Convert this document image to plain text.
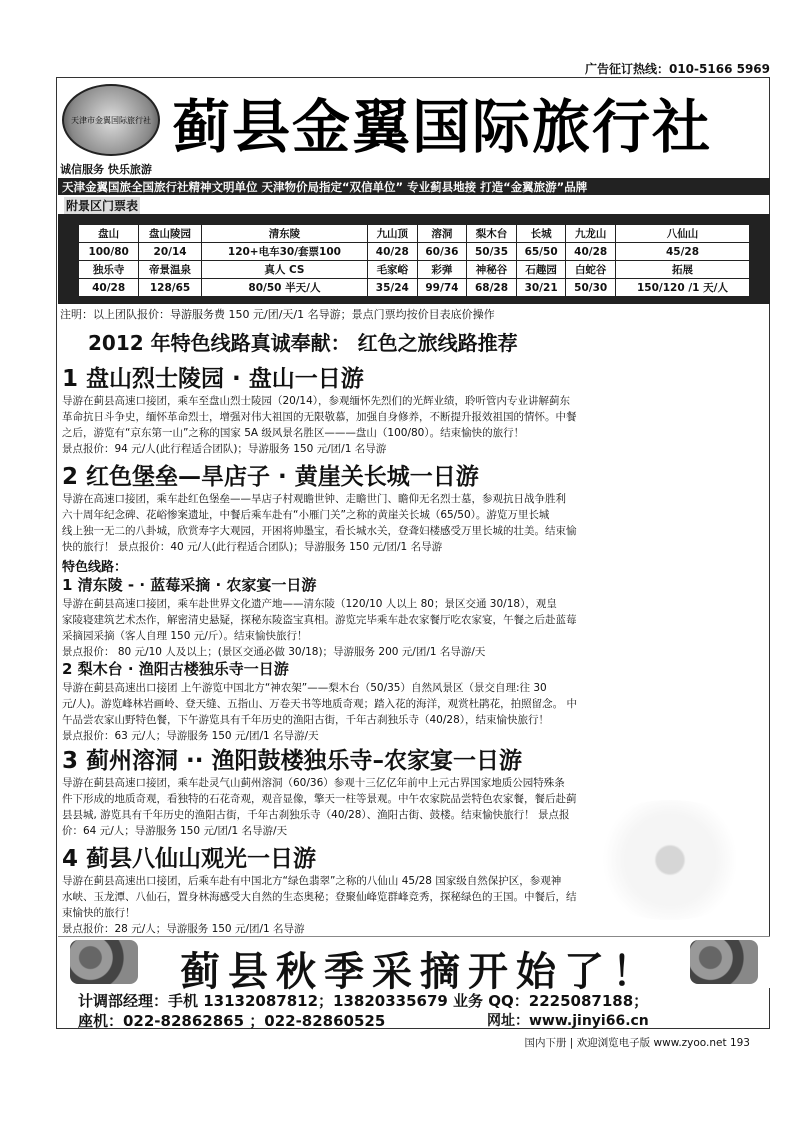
广告征订热线：010-5166 5969
天津市金翼国际旅行社 蓟县金翼国际旅行社
诚信服务 快乐旅游
天津金翼国旅全国旅行社精神文明单位 天津物价局指定“双信单位” 专业蓟县地接 打造“金翼旅游”品牌
附景区门票表
盘山	盘山陵园	清东陵	九山顶	溶洞	梨木台	长城	九龙山	八仙山
100/80	20/14	120+电车30/套票100	40/28	60/36	50/35	65/50	40/28	45/28
独乐寺	帝景温泉	真人 CS	毛家峪	彩弹	神秘谷	石趣园	白蛇谷	拓展
40/28	128/65	80/50 半天/人	35/24	99/74	68/28	30/21	50/30	150/120 /1 天/人
注明：以上团队报价：导游服务费 150 元/团/天/1 名导游；景点门票均按价目表底价操作
2012 年特色线路真诚奉献： 红色之旅线路推荐
1 盘山烈士陵园 · 盘山一日游
导游在蓟县高速口接团，乘车至盘山烈士陵园（20/14），参观缅怀先烈们的光辉业绩，聆听管内专业讲解蓟东
革命抗日斗争史，缅怀革命烈士，增强对伟大祖国的无限敬慕，加强自身修养，不断提升报效祖国的情怀。中餐
之后，游览有“京东第一山”之称的国家 5A 级风景名胜区———盘山（100/80）。结束愉快的旅行！
景点报价：94 元/人(此行程适合团队)；导游服务 150 元/团/1 名导游
2 红色堡垒—旱店子 · 黄崖关长城一日游
导游在高速口接团，乘车赴红色堡垒——旱店子村观瞻世钟、走瞻世门、瞻仰无名烈士墓，参观抗日战争胜利
六十周年纪念碑、花峪惨案遗址，中餐后乘车赴有“小雁门关”之称的黄崖关长城（65/50）。游览万里长城
线上独一无二的八卦城，欣赏寿字大观园，开困将帅墨宝，看长城水关，登聋妇楼感受万里长城的壮美。结束愉
快的旅行！ 景点报价：40 元/人(此行程适合团队)；导游服务 150 元/团/1 名导游
特色线路：
1 清东陵 - · 蓝莓采摘 · 农家宴一日游
导游在蓟县高速口接团，乘车赴世界文化遗产地——清东陵（120/10 人以上 80；景区交通 30/18），观皇
家陵寝建筑艺术杰作，解密清史悬疑，探秘东陵盗宝真相。游览完毕乘车赴农家餐厅吃农家宴，午餐之后赴蓝莓
采摘园采摘（客人自理 150 元/斤）。结束愉快旅行！
景点报价： 80 元/10 人及以上；(景区交通必做 30/18)；导游服务 200 元/团/1 名导游/天
2 梨木台 · 渔阳古楼独乐寺一日游
导游在蓟县高速出口接团 上午游览中国北方“神农架”——梨木台（50/35）自然风景区（景交自理:往 30
元/人)。游览峰林岩画岭、登天缝、五指山、万卷天书等地质奇观；踏入花的海洋，观赏杜鹃花，拍照留念。 中
午品尝农家山野特色餐，下午游览具有千年历史的渔阳古街，千年古刹独乐寺（40/28），结束愉快旅行！
景点报价：63 元/人；导游服务 150 元/团/1 名导游/天
3 蓟州溶洞 ·· 渔阳鼓楼独乐寺–农家宴一日游
导游在蓟县高速口接团，乘车赴灵气山蓟州溶洞（60/36）参观十三亿亿年前中上元古界国家地质公园特殊条
件下形成的地质奇观，看独特的石花奇观，观音显像，擎天一柱等景观。中午农家院品尝特色农家餐，餐后赴蓟
县县城, 游览具有千年历史的渔阳古街，千年古刹独乐寺（40/28）、渔阳古街、鼓楼。结束愉快旅行！ 景点报
价：64 元/人；导游服务 150 元/团/1 名导游/天
4 蓟县八仙山观光一日游
导游在蓟县高速出口接团，后乘车赴有中国北方“绿色翡翠”之称的八仙山 45/28 国家级自然保护区，参观神
水峡、玉龙潭、八仙石，置身林海感受大自然的生态奥秘；登聚仙峰览群峰竞秀，探秘绿色的王国。中餐后，结
束愉快的旅行！
景点报价：28 元/人；导游服务 150 元/团/1 名导游
蓟县秋季采摘开始了！
计调部经理：手机 13132087812；13820335679 业务 QQ：2225087188；
座机：022-82862865 ；022-82860525	网址：www.jinyi66.cn
国内下册 | 欢迎浏览电子版 www.zyoo.net 193
